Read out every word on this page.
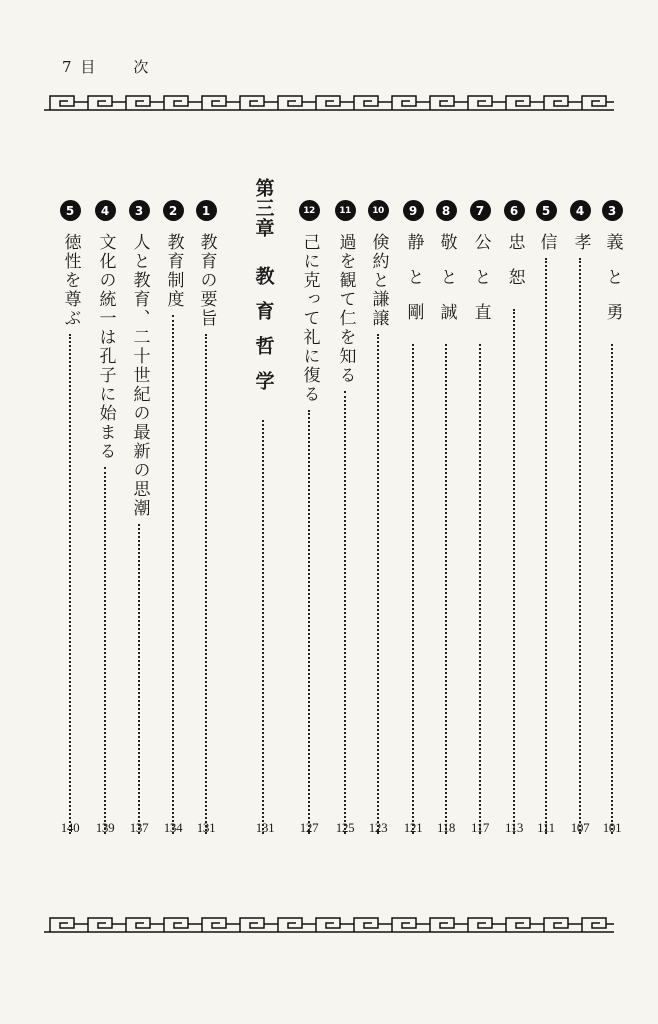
7 目 次
3
義と勇
101
4
孝
107
5
信
111
6
忠恕
113
7
公と直
117
8
敬と誠
118
9
静と剛
121
10
倹約と謙譲
123
11
過を観て仁を知る
125
12
己に克って礼に復る
127
第三章
教育哲学
131
1
教育の要旨
131
2
教育制度
134
3
人と教育、二十世紀の最新の思潮
137
4
文化の統一は孔子に始まる
139
5
徳性を尊ぶ
140
